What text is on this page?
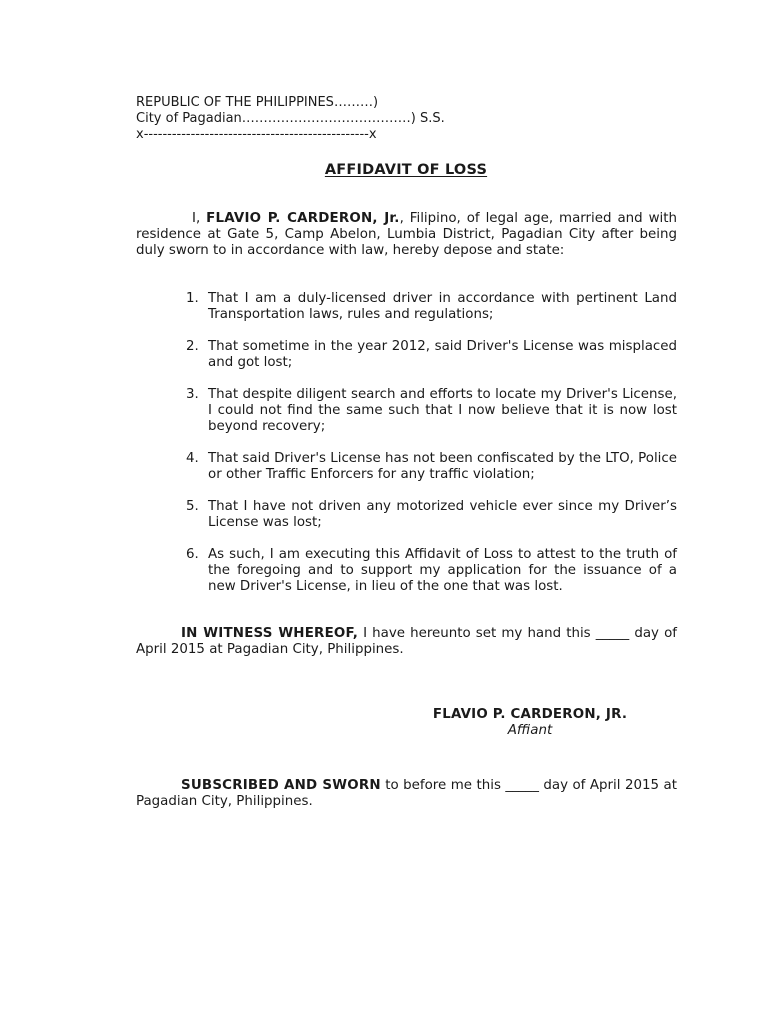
REPUBLIC OF THE PHILIPPINES………)
City of Pagadian…………………………………) S.S.
x------------------------------------------------x
AFFIDAVIT OF LOSS

I, FLAVIO P. CARDERON, Jr., Filipino, of legal age, married and with residence at Gate 5, Camp Abelon, Lumbia District, Pagadian City after being duly sworn to in accordance with law, hereby depose and state:

1. That I am a duly-licensed driver in accordance with pertinent Land Transportation laws, rules and regulations;
2. That sometime in the year 2012, said Driver's License was misplaced and got lost;
3. That despite diligent search and efforts to locate my Driver's License, I could not find the same such that I now believe that it is now lost beyond recovery;
4. That said Driver's License has not been confiscated by the LTO, Police or other Traffic Enforcers for any traffic violation;
5. That I have not driven any motorized vehicle ever since my Driver’s License was lost;
6. As such, I am executing this Affidavit of Loss to attest to the truth of the foregoing and to support my application for the issuance of a new Driver's License, in lieu of the one that was lost.

IN WITNESS WHEREOF, I have hereunto set my hand this _____ day of April 2015 at Pagadian City, Philippines.

FLAVIO P. CARDERON, JR.
Affiant

SUBSCRIBED AND SWORN to before me this _____ day of April 2015 at Pagadian City, Philippines.
